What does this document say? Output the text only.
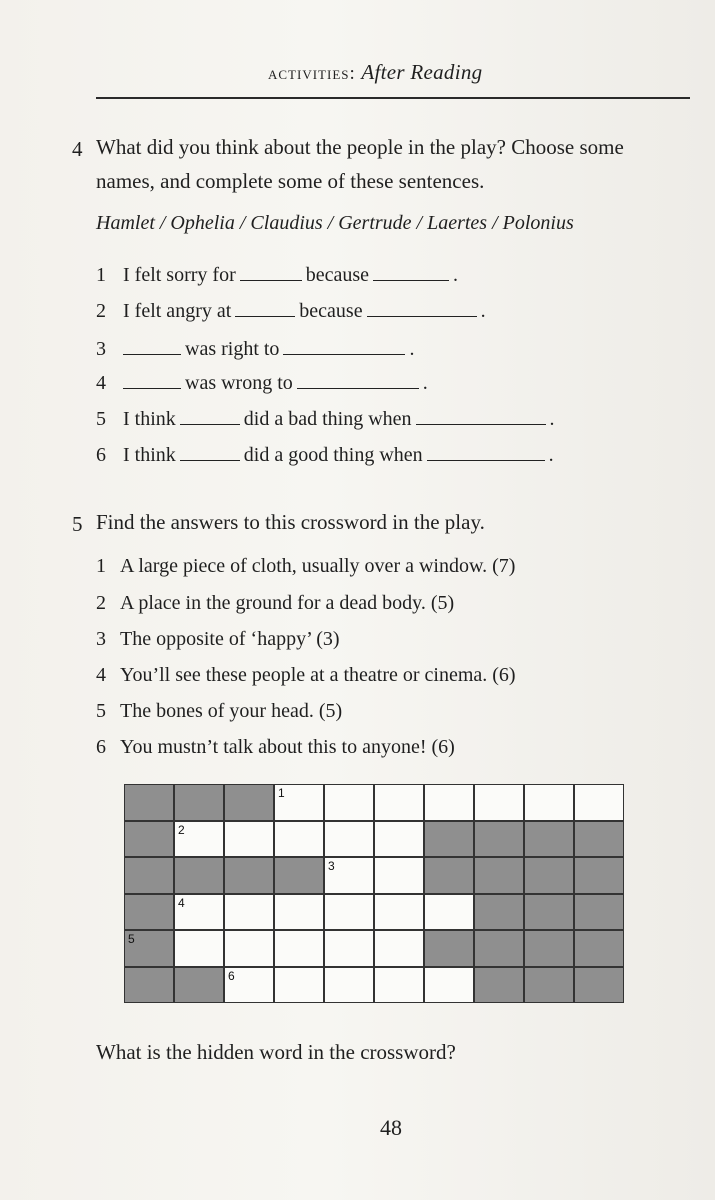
activities: After Reading
4 What did you think about the people in the play? Choose some names, and complete some of these sentences.
Hamlet / Ophelia / Claudius / Gertrude / Laertes / Polonius
1 I felt sorry for	because	.
2 I felt angry at	because	.
3	was right to	.
4	was wrong to	.
5 I think	did a bad thing when	.
6 I think	did a good thing when	.
5 Find the answers to this crossword in the play.
1 A large piece of cloth, usually over a window. (7)
2 A place in the ground for a dead body. (5)
3 The opposite of ‘happy’ (3)
4 You’ll see these people at a theatre or cinema. (6)
5 The bones of your head. (5)
6 You mustn’t talk about this to anyone! (6)
1
2
3
4
5
6
What is the hidden word in the crossword?
48
